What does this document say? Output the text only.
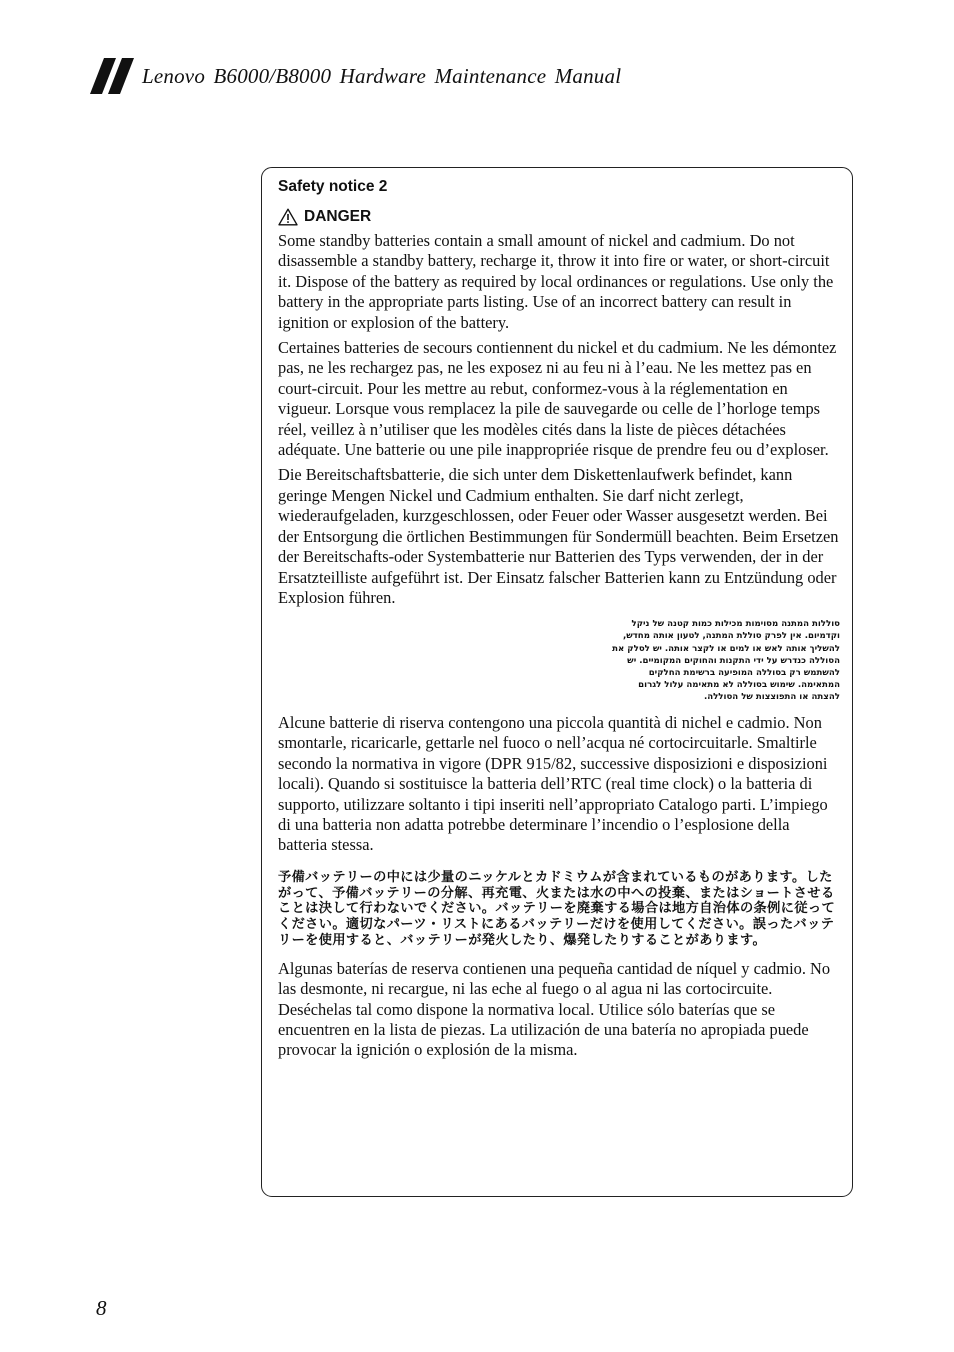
Lenovo B6000/B8000 Hardware Maintenance Manual
Safety notice 2
DANGER

Some standby batteries contain a small amount of nickel and cadmium. Do not disassemble a standby battery, recharge it, throw it into fire or water, or short-circuit it. Dispose of the battery as required by local ordinances or regulations. Use only the battery in the appropriate parts listing. Use of an incorrect battery can result in ignition or explosion of the battery.

Certaines batteries de secours contiennent du nickel et du cadmium. Ne les démontez pas, ne les rechargez pas, ne les exposez ni au feu ni à l’eau. Ne les mettez pas en court-circuit. Pour les mettre au rebut, conformez-vous à la réglementation en vigueur. Lorsque vous remplacez la pile de sauvegarde ou celle de l’horloge temps réel, veillez à n’utiliser que les modèles cités dans la liste de pièces détachées adéquate. Une batterie ou une pile inappropriée risque de prendre feu ou d’exploser.

Die Bereitschaftsbatterie, die sich unter dem Diskettenlaufwerk befindet, kann geringe Mengen Nickel und Cadmium enthalten. Sie darf nicht zerlegt, wiederaufgeladen, kurzgeschlossen, oder Feuer oder Wasser ausgesetzt werden. Bei der Entsorgung die örtlichen Bestimmungen für Sondermüll beachten. Beim Ersetzen der Bereitschafts-oder Systembatterie nur Batterien des Typs verwenden, der in der Ersatzteilliste aufgeführt ist. Der Einsatz falscher Batterien kann zu Entzündung oder Explosion führen.

סוללות המתנה מסוימות מכילות כמות קטנה של ניקל וקדמיום. אין לפרק סוללת המתנה, לטעון אותה מחדש, להשליך אותה לאש או למים או לקצר אותה. יש לסלק את הסוללה כנדרש על ידי התקנות והחוקים המקומיים. יש להשתמש רק בסוללה המופיעה ברשימת החלקים המתאימה. שימוש בסוללה לא מתאימה עלול לגרום להצתה או התפוצצות של הסוללה.

Alcune batterie di riserva contengono una piccola quantità di nichel e cadmio. Non smontarle, ricaricarle, gettarle nel fuoco o nell’acqua né cortocircuitarle. Smaltirle secondo la normativa in vigore (DPR 915/82, successive disposizioni e disposizioni locali). Quando si sostituisce la batteria dell’RTC (real time clock) o la batteria di supporto, utilizzare soltanto i tipi inseriti nell’appropriato Catalogo parti. L’impiego di una batteria non adatta potrebbe determinare l’incendio o l’esplosione della batteria stessa.

予備バッテリーの中には少量のニッケルとカドミウムが含まれているものがあります。したがって、予備バッテリーの分解、再充電、火または水の中への投棄、またはショートさせることは決して行わないでください。バッテリーを廃棄する場合は地方自治体の条例に従ってください。適切なパーツ・リストにあるバッテリーだけを使用してください。誤ったバッテリーを使用すると、バッテリーが発火したり、爆発したりすることがあります。

Algunas baterías de reserva contienen una pequeña cantidad de níquel y cadmio. No las desmonte, ni recargue, ni las eche al fuego o al agua ni las cortocircuite. Deséchelas tal como dispone la normativa local. Utilice sólo baterías que se encuentren en la lista de piezas. La utilización de una batería no apropiada puede provocar la ignición o explosión de la misma.

8
